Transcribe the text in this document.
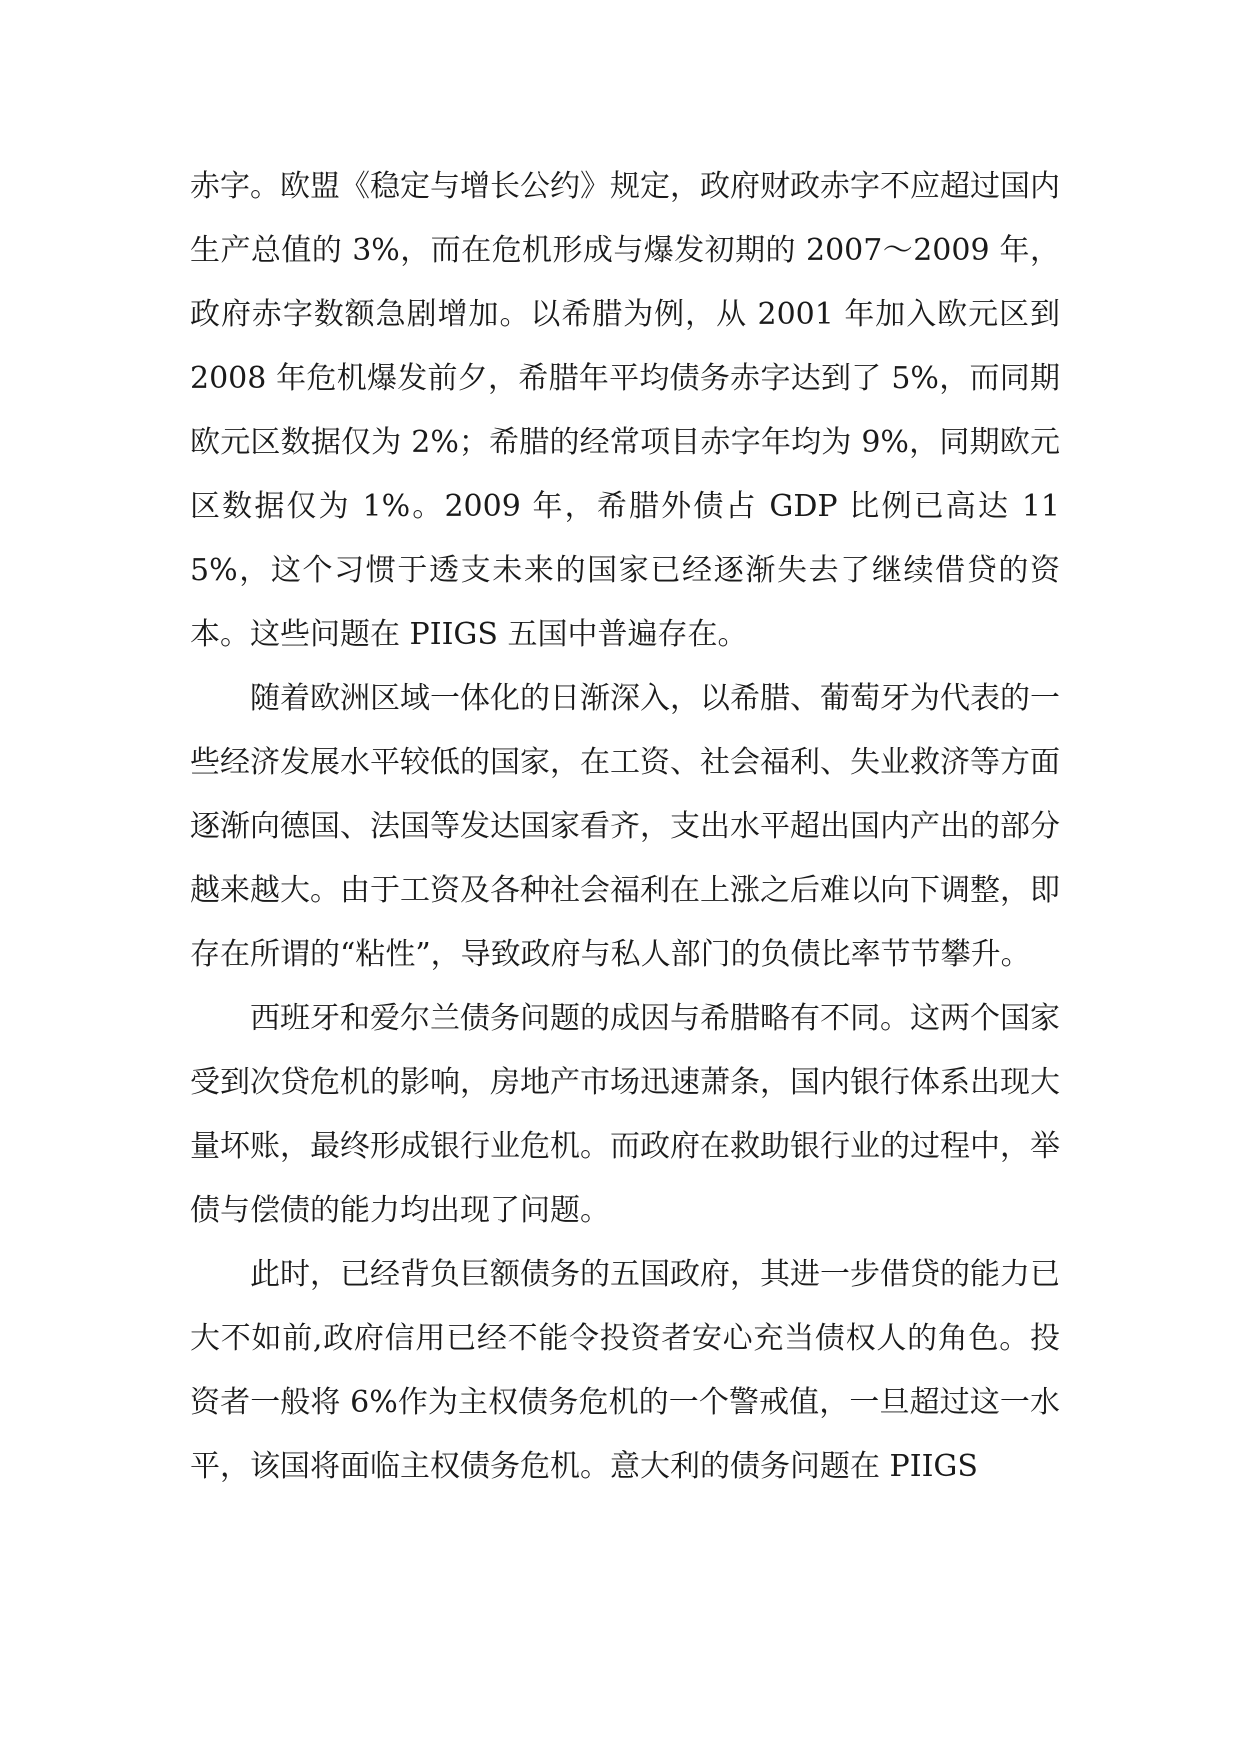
赤字。欧盟《稳定与增长公约》规定，政府财政赤字不应超过国内生产总值的 3%，而在危机形成与爆发初期的 2007～2009 年，政府赤字数额急剧增加。以希腊为例，从 2001 年加入欧元区到 2008 年危机爆发前夕，希腊年平均债务赤字达到了 5%，而同期欧元区数据仅为 2%；希腊的经常项目赤字年均为 9%，同期欧元区数据仅为 1%。2009 年，希腊外债占 GDP 比例已高达 115%，这个习惯于透支未来的国家已经逐渐失去了继续借贷的资本。这些问题在 PIIGS 五国中普遍存在。

随着欧洲区域一体化的日渐深入，以希腊、葡萄牙为代表的一些经济发展水平较低的国家，在工资、社会福利、失业救济等方面逐渐向德国、法国等发达国家看齐，支出水平超出国内产出的部分越来越大。由于工资及各种社会福利在上涨之后难以向下调整，即存在所谓的“粘性”，导致政府与私人部门的负债比率节节攀升。

西班牙和爱尔兰债务问题的成因与希腊略有不同。这两个国家受到次贷危机的影响，房地产市场迅速萧条，国内银行体系出现大量坏账，最终形成银行业危机。而政府在救助银行业的过程中，举债与偿债的能力均出现了问题。

此时，已经背负巨额债务的五国政府，其进一步借贷的能力已大不如前,政府信用已经不能令投资者安心充当债权人的角色。投资者一般将 6%作为主权债务危机的一个警戒值，一旦超过这一水平，该国将面临主权债务危机。意大利的债务问题在 PIIGS
